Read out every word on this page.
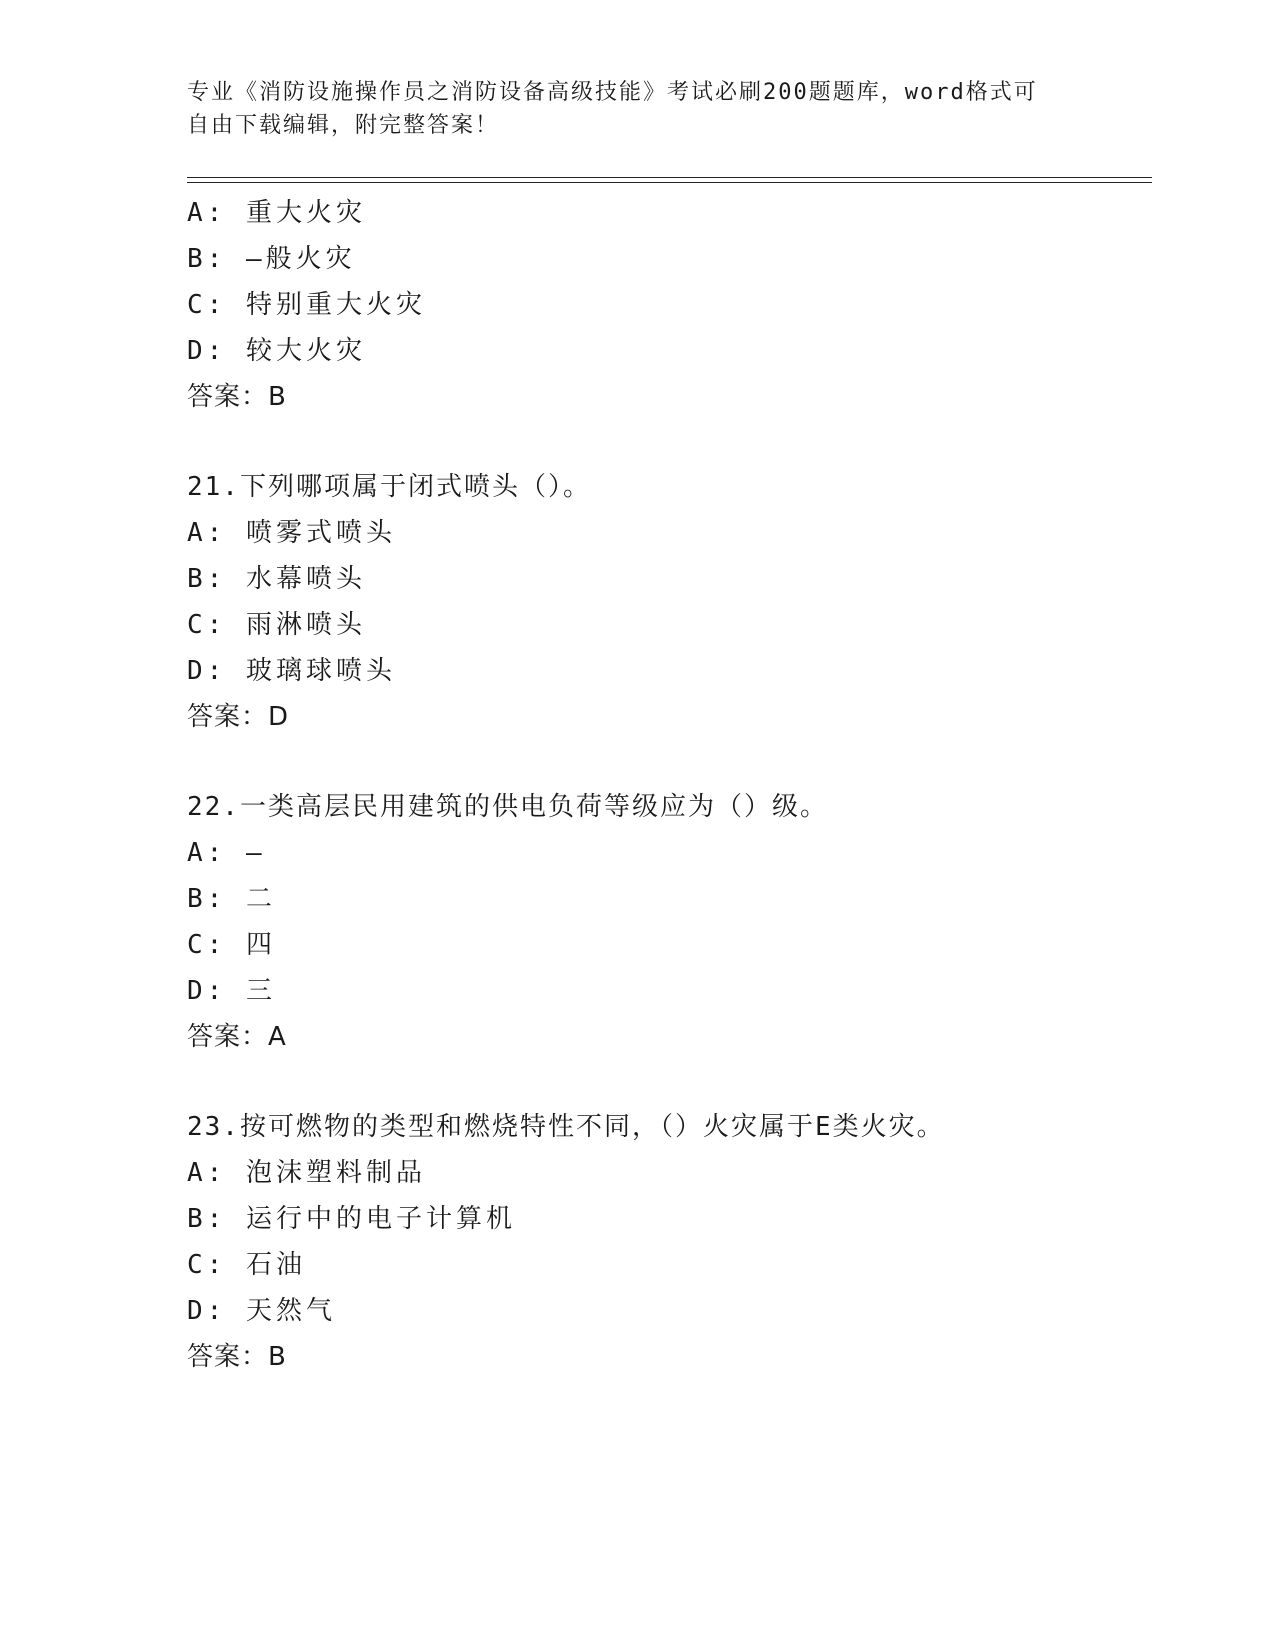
专业《消防设施操作员之消防设备高级技能》考试必刷200题题库，word格式可
自由下载编辑，附完整答案！
A: 重大火灾
B: —般火灾
C: 特别重大火灾
D: 较大火灾
答案：B
21.下列哪项属于闭式喷头（）。
A: 喷雾式喷头
B: 水幕喷头
C: 雨淋喷头
D: 玻璃球喷头
答案：D
22.一类高层民用建筑的供电负荷等级应为（）级。
A: —
B: 二
C: 四
D: 三
答案：A
23.按可燃物的类型和燃烧特性不同，（）火灾属于E类火灾。
A: 泡沫塑料制品
B: 运行中的电子计算机
C: 石油
D: 天然气
答案：B
